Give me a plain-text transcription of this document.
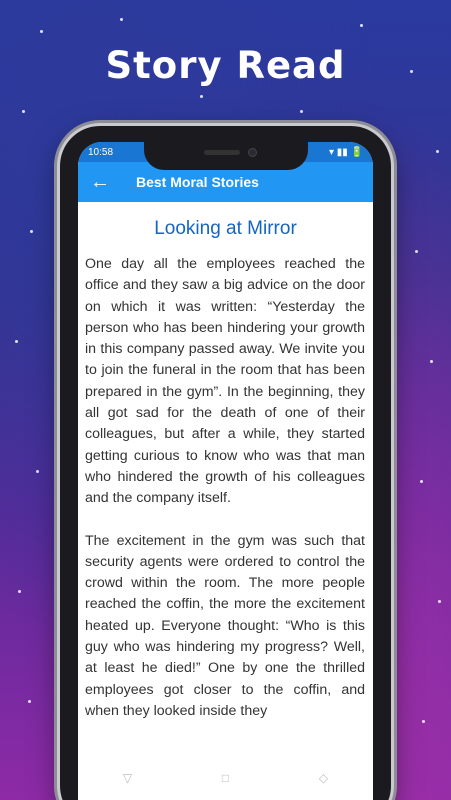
Story Read
10:58	▾ ▮▮ 🔋
←	Best Moral Stories
Looking at Mirror

One day all the employees reached the office and they saw a big advice on the door on which it was written: “Yesterday the person who has been hindering your growth in this company passed away. We invite you to join the funeral in the room that has been prepared in the gym”. In the beginning, they all got sad for the death of one of their colleagues, but after a while, they started getting curious to know who was that man who hindered the growth of his colleagues and the company itself.

The excitement in the gym was such that security agents were ordered to control the crowd within the room. The more people reached the coffin, the more the excitement heated up. Everyone thought: “Who is this guy who was hindering my progress? Well, at least he died!” One by one the thrilled employees got closer to the coffin, and when they looked inside they

▽	□	◇
